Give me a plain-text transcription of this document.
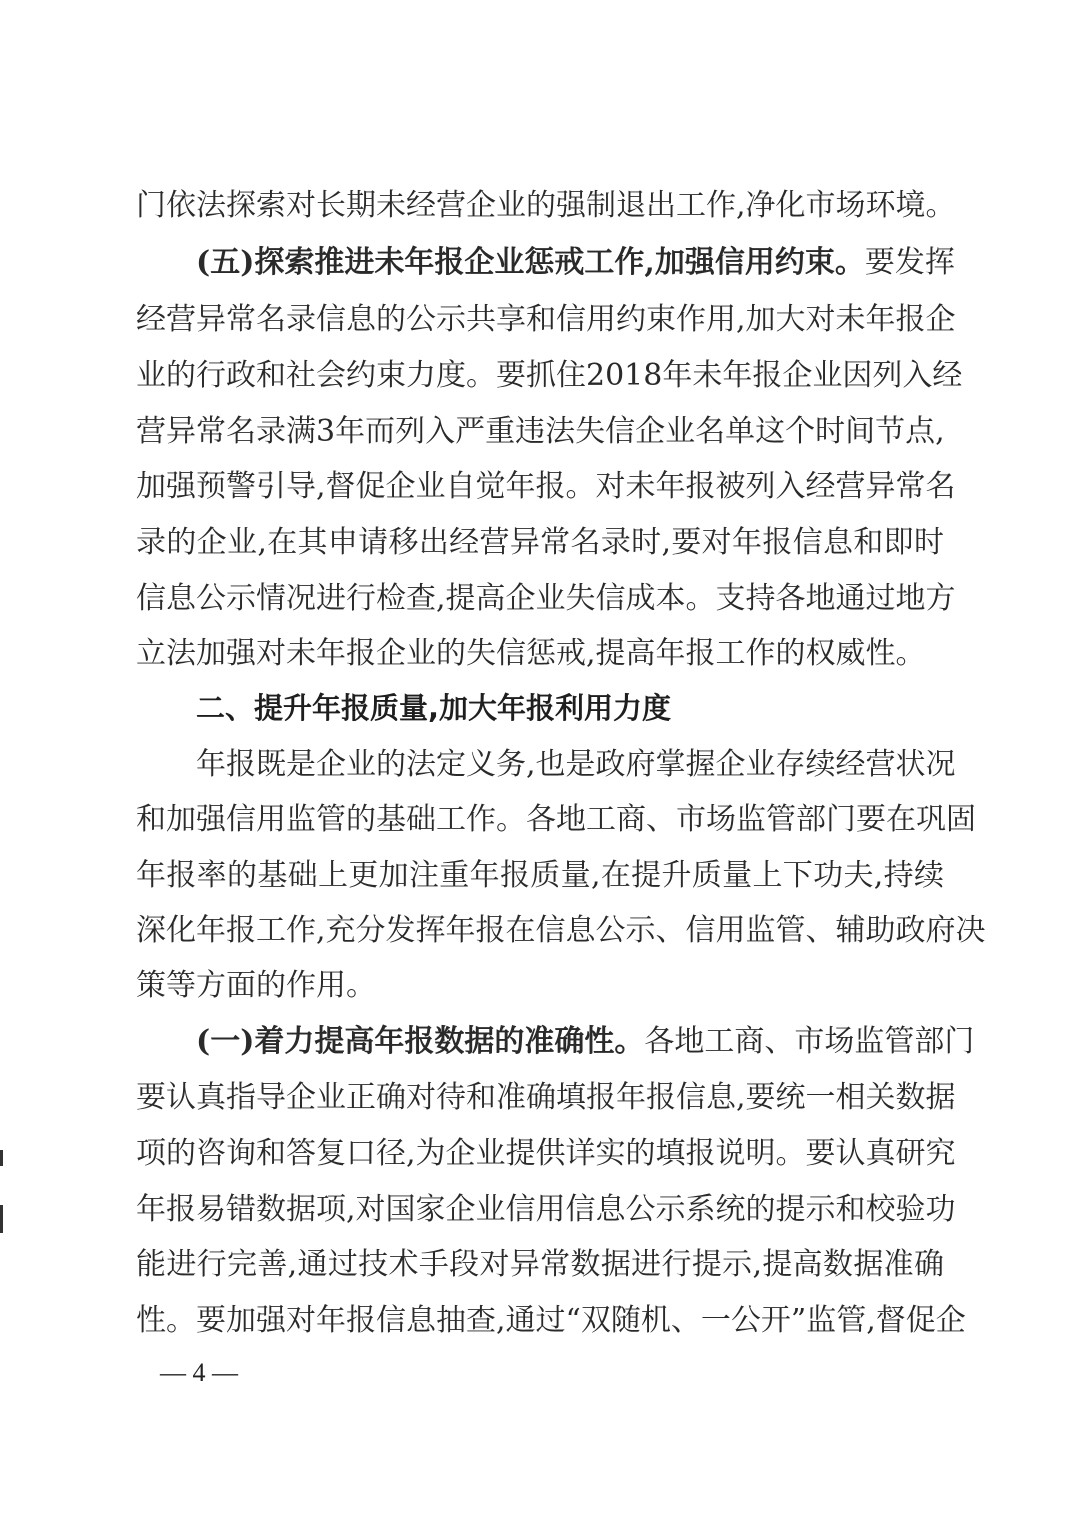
门依法探索对长期未经营企业的强制退出工作,净化市场环境。
(五)探索推进未年报企业惩戒工作,加强信用约束。要发挥
经营异常名录信息的公示共享和信用约束作用,加大对未年报企
业的行政和社会约束力度。要抓住2018年未年报企业因列入经
营异常名录满3年而列入严重违法失信企业名单这个时间节点,
加强预警引导,督促企业自觉年报。对未年报被列入经营异常名
录的企业,在其申请移出经营异常名录时,要对年报信息和即时
信息公示情况进行检查,提高企业失信成本。支持各地通过地方
立法加强对未年报企业的失信惩戒,提高年报工作的权威性。
二、提升年报质量,加大年报利用力度
年报既是企业的法定义务,也是政府掌握企业存续经营状况
和加强信用监管的基础工作。各地工商、市场监管部门要在巩固
年报率的基础上更加注重年报质量,在提升质量上下功夫,持续
深化年报工作,充分发挥年报在信息公示、信用监管、辅助政府决
策等方面的作用。
(一)着力提高年报数据的准确性。各地工商、市场监管部门
要认真指导企业正确对待和准确填报年报信息,要统一相关数据
项的咨询和答复口径,为企业提供详实的填报说明。要认真研究
年报易错数据项,对国家企业信用信息公示系统的提示和校验功
能进行完善,通过技术手段对异常数据进行提示,提高数据准确
性。要加强对年报信息抽查,通过“双随机、一公开”监管,督促企
— 4 —
